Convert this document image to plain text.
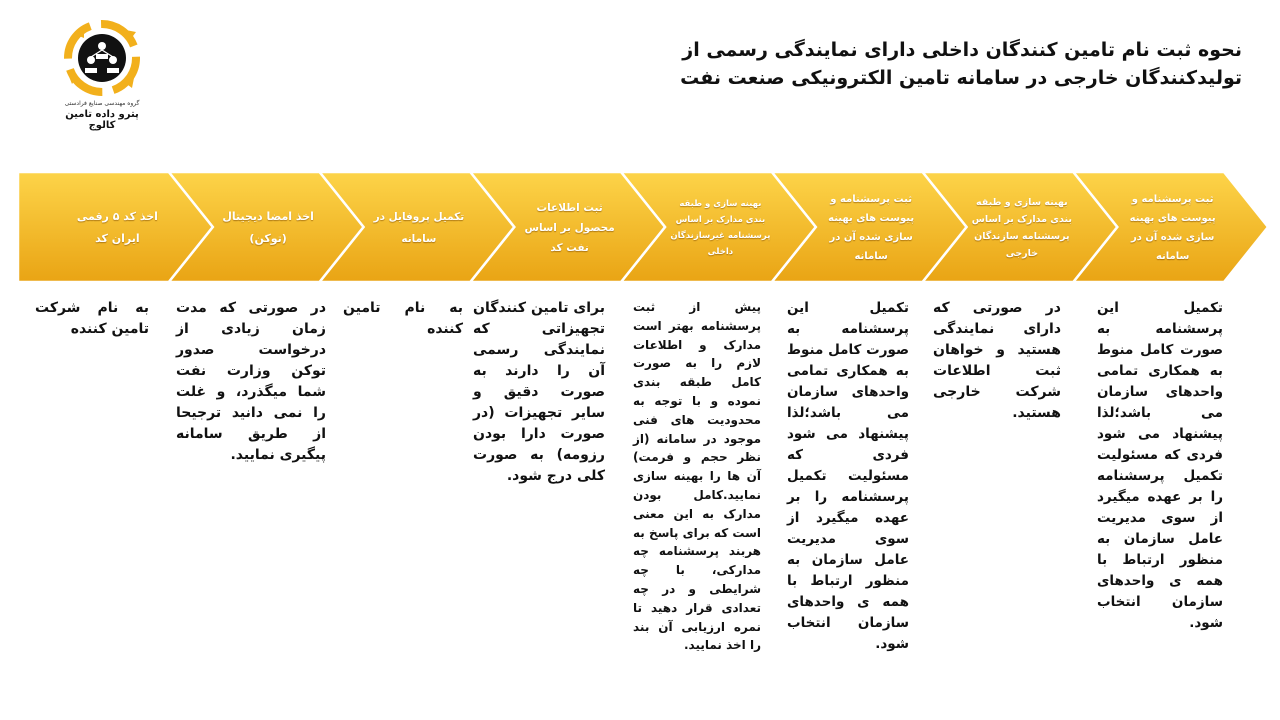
نحوه ثبت نام تامین کنندگان داخلی دارای نمایندگی رسمی از تولیدکنندگان خارجی در سامانه تامین الکترونیکی صنعت نفت
گروه مهندسی صنایع فرادستی
پترو داده تامین کالوج
ثبت پرسشنامه و پیوست های بهینه سازی شده آن در سامانه
بهینه سازی و طبقه بندی مدارک بر اساس پرسشنامه سازندگان خارجی
ثبت پرسشنامه و پیوست های بهینه سازی شده آن در سامانه
بهینه سازی و طبقه بندی مدارک بر اساس پرسشنامه غیرسازندگان داخلی
ثبت اطلاعات محصول بر اساس نفت کد
تکمیل پروفایل در سامانه
اخذ امضا دیجیتال (توکن)
اخذ کد ۵ رقمی ایران کد
تکمیل این پرسشنامه به صورت کامل منوط به همکاری تمامی واحدهای سازمان می باشد؛لذا پیشنهاد می شود فردی که مسئولیت تکمیل پرسشنامه را بر عهده میگیرد از سوی مدیریت عامل سازمان به منظور ارتباط با همه ی واحدهای سازمان انتخاب شود.
در صورتی که دارای نمایندگی هستید و خواهان ثبت اطلاعات شرکت خارجی هستید.
تکمیل این پرسشنامه به صورت کامل منوط به همکاری تمامی واحدهای سازمان می باشد؛لذا پیشنهاد می شود فردی که مسئولیت تکمیل پرسشنامه را بر عهده میگیرد از سوی مدیریت عامل سازمان به منظور ارتباط با همه ی واحدهای سازمان انتخاب شود.
پیش از ثبت پرسشنامه بهتر است مدارک و اطلاعات لازم را به صورت کامل طبقه بندی نموده و با توجه به محدودیت های فنی موجود در سامانه (از نظر حجم و فرمت) آن ها را بهینه سازی نمایید.کامل بودن مدارک به این معنی است که برای پاسخ به هربند پرسشنامه چه مدارکی، با چه شرایطی و در چه تعدادی قرار دهید تا نمره ارزیابی آن بند را اخذ نمایید.
برای تامین کنندگان تجهیزاتی که نمایندگی رسمی آن را دارند به صورت دقیق و سایر تجهیزات (در صورت دارا بودن رزومه) به صورت کلی درج شود.
به نام تامین کننده
در صورتی که مدت زمان زیادی از درخواست صدور توکن وزارت نفت شما میگذرد، و غلت را نمی دانید ترجیحا از طریق سامانه پیگیری نمایید.
به نام شرکت تامین کننده
